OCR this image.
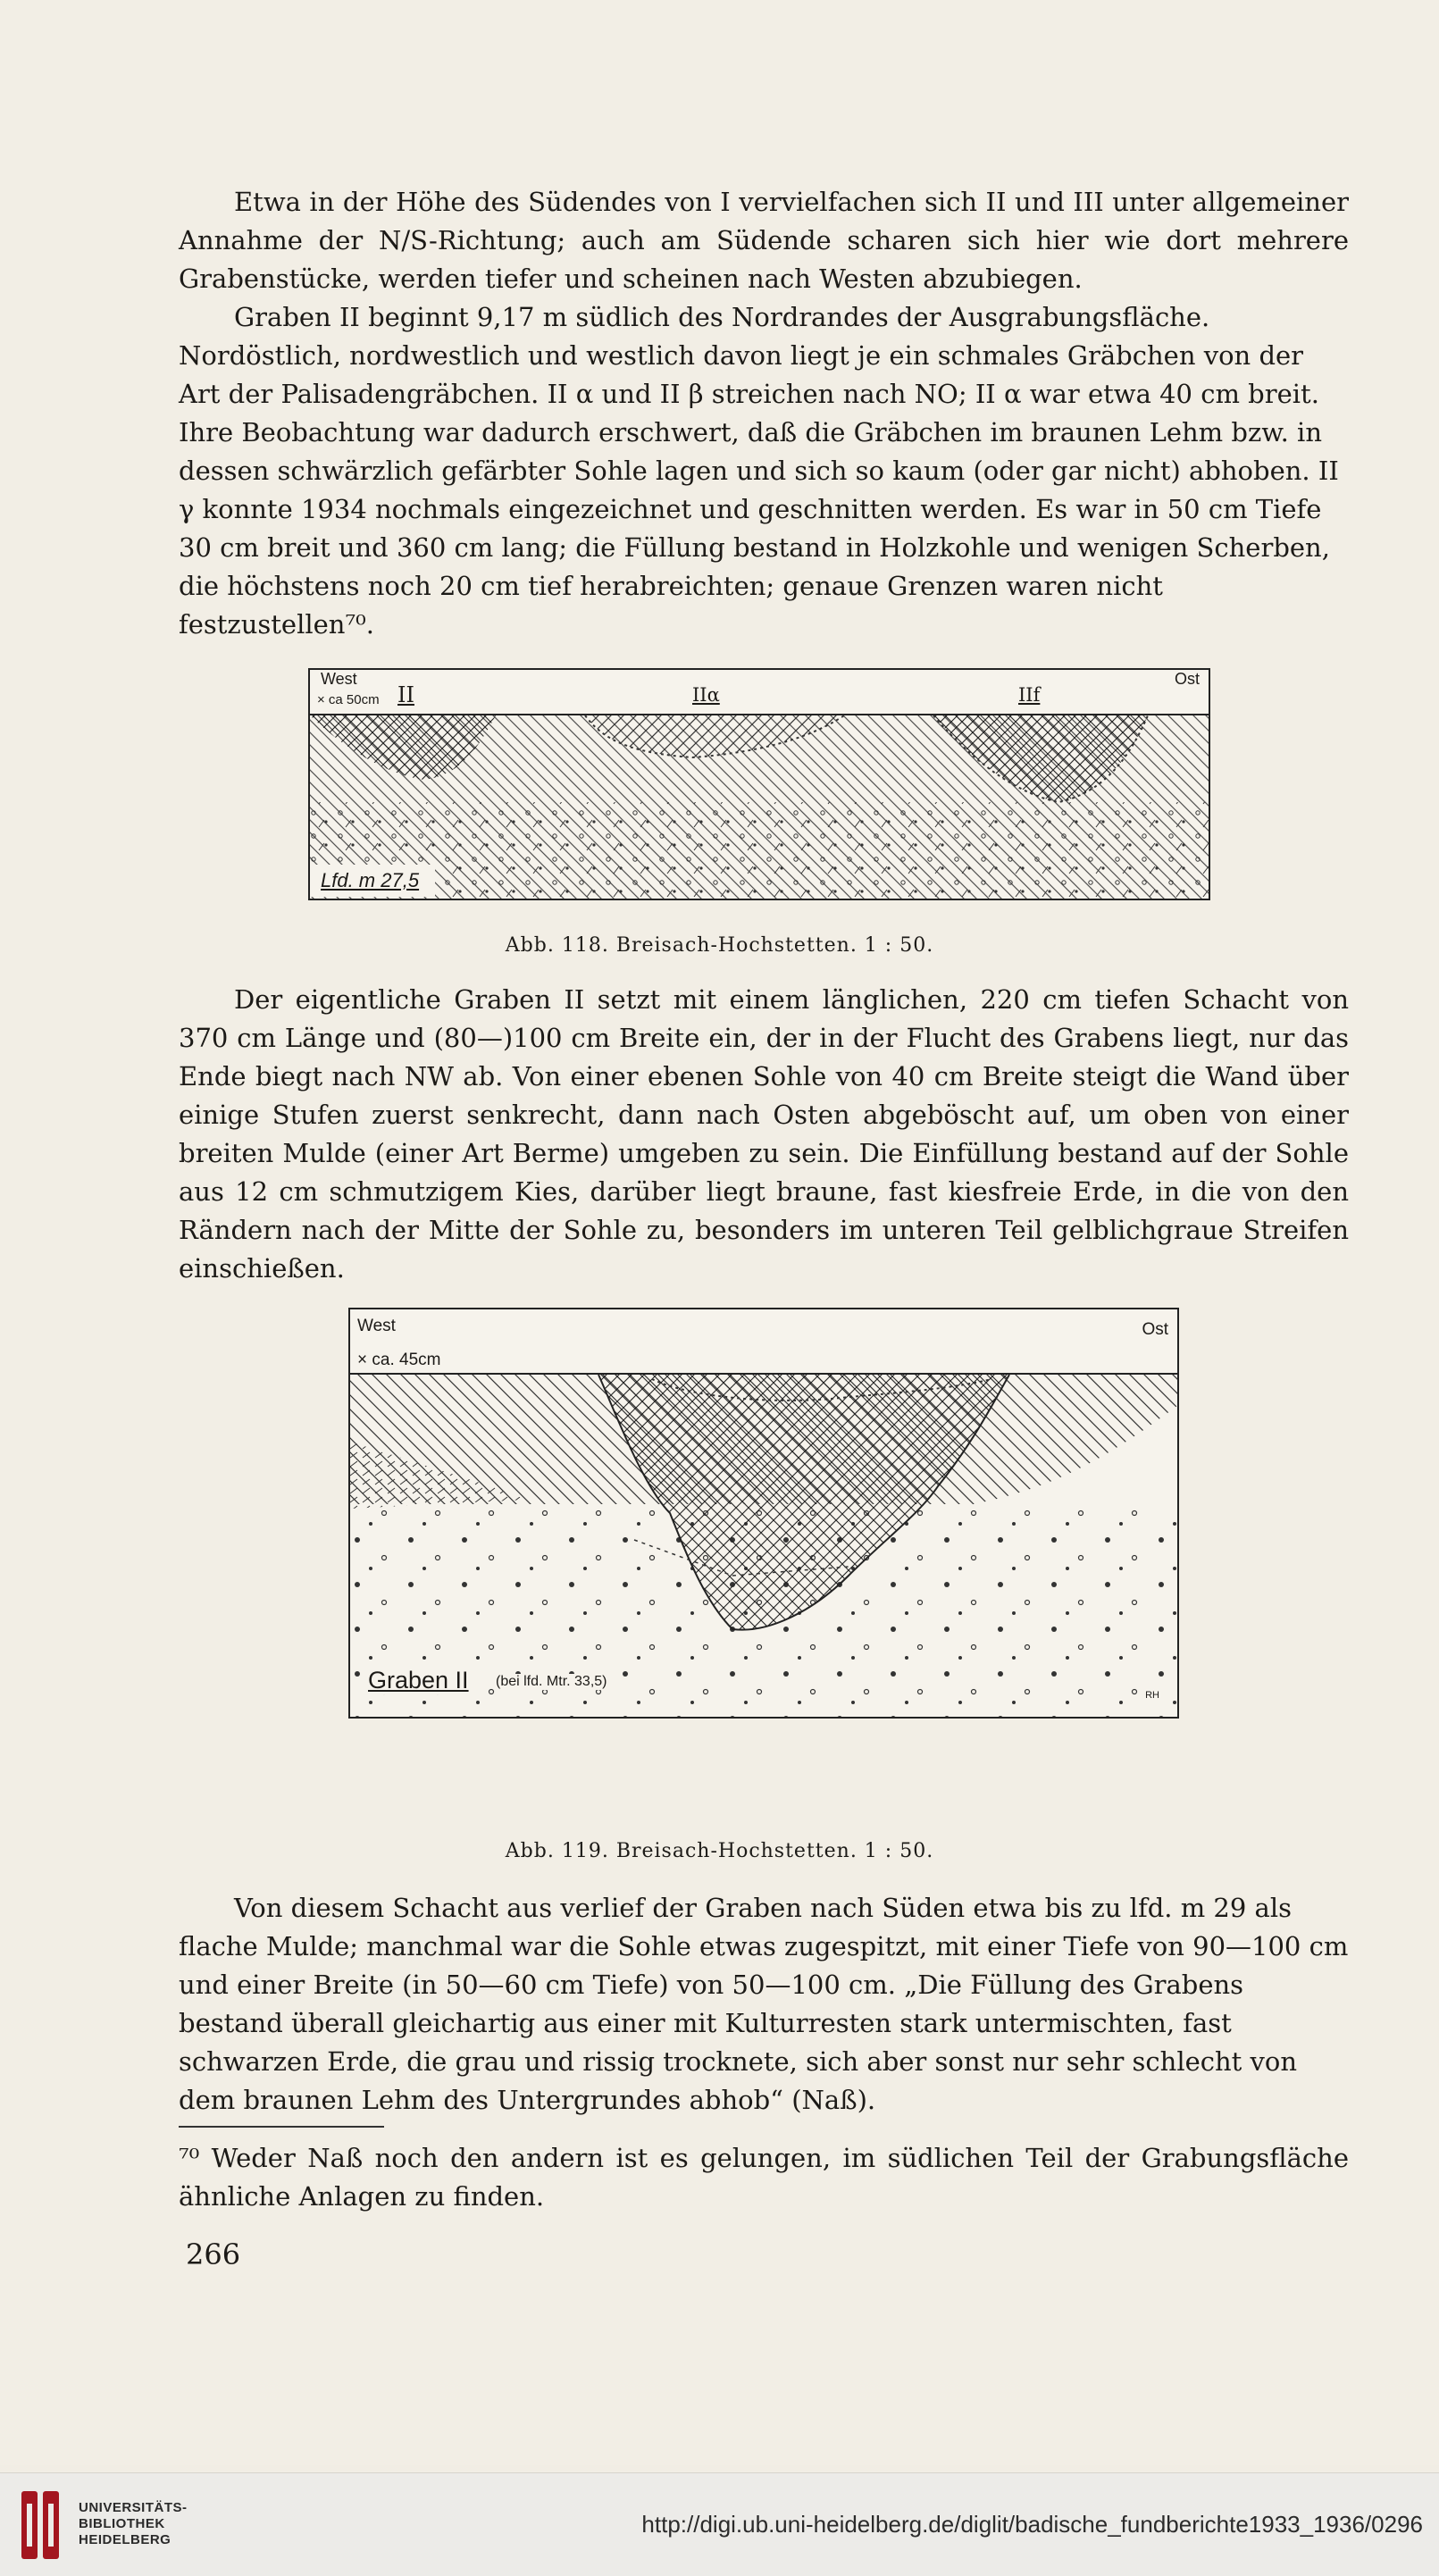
Etwa in der Höhe des Südendes von I vervielfachen sich II und III unter allgemeiner Annahme der N/S-Richtung; auch am Südende scharen sich hier wie dort mehrere Grabenstücke, werden tiefer und scheinen nach Westen abzubiegen.

Graben II beginnt 9,17 m südlich des Nordrandes der Ausgrabungsfläche. Nordöstlich, nordwestlich und westlich davon liegt je ein schmales Gräbchen von der Art der Palisadengräbchen. II α und II β streichen nach NO; II α war etwa 40 cm breit. Ihre Beobachtung war dadurch erschwert, daß die Gräbchen im braunen Lehm bzw. in dessen schwärzlich gefärbter Sohle lagen und sich so kaum (oder gar nicht) abhoben. II γ konnte 1934 nochmals eingezeichnet und geschnitten werden. Es war in 50 cm Tiefe 30 cm breit und 360 cm lang; die Füllung bestand in Holzkohle und wenigen Scherben, die höchstens noch 20 cm tief herabreichten; genaue Grenzen waren nicht festzustellen⁷⁰.

West	Ost
× ca 50cm II	IIα	IIf
Lfd. m 27,5
Abb. 118. Breisach-Hochstetten. 1 : 50.

Der eigentliche Graben II setzt mit einem länglichen, 220 cm tiefen Schacht von 370 cm Länge und (80—)100 cm Breite ein, der in der Flucht des Grabens liegt, nur das Ende biegt nach NW ab. Von einer ebenen Sohle von 40 cm Breite steigt die Wand über einige Stufen zuerst senkrecht, dann nach Osten abgeböscht auf, um oben von einer breiten Mulde (einer Art Berme) umgeben zu sein. Die Einfüllung bestand auf der Sohle aus 12 cm schmutzigem Kies, darüber liegt braune, fast kiesfreie Erde, in die von den Rändern nach der Mitte der Sohle zu, besonders im unteren Teil gelblichgraue Streifen einschießen.

West	Ost
× ca. 45cm
Graben II (bei lfd. Mtr. 33,5)
RH
Abb. 119. Breisach-Hochstetten. 1 : 50.

Von diesem Schacht aus verlief der Graben nach Süden etwa bis zu lfd. m 29 als flache Mulde; manchmal war die Sohle etwas zugespitzt, mit einer Tiefe von 90—100 cm und einer Breite (in 50—60 cm Tiefe) von 50—100 cm. „Die Füllung des Grabens bestand überall gleichartig aus einer mit Kulturresten stark untermischten, fast schwarzen Erde, die grau und rissig trocknete, sich aber sonst nur sehr schlecht von dem braunen Lehm des Untergrundes abhob“ (Naß).

⁷⁰ Weder Naß noch den andern ist es gelungen, im südlichen Teil der Grabungsfläche ähnliche Anlagen zu finden.

266
UNIVERSITÄTS-
BIBLIOTHEK
HEIDELBERG
http://digi.ub.uni-heidelberg.de/diglit/badische_fundberichte1933_1936/0296
